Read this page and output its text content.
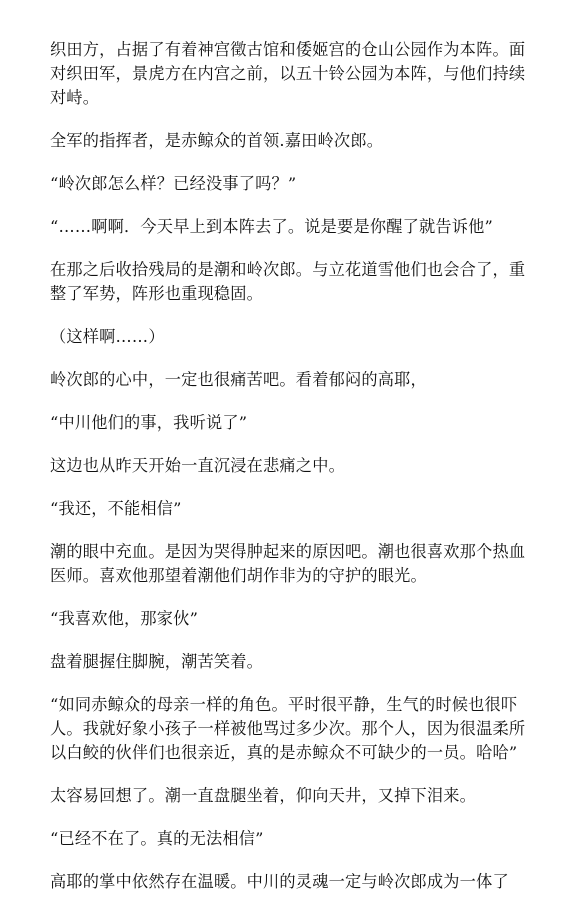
织田方，占据了有着神宫徵古馆和倭姬宫的仓山公园作为本阵。面对织田军，景虎方在内宫之前，以五十铃公园为本阵，与他们持续对峙。

全军的指挥者，是赤鲸众的首领.嘉田岭次郎。

“岭次郎怎么样？已经没事了吗？”

“……啊啊．今天早上到本阵去了。说是要是你醒了就告诉他”

在那之后收拾残局的是潮和岭次郎。与立花道雪他们也会合了，重整了军势，阵形也重现稳固。

（这样啊……）

岭次郎的心中，一定也很痛苦吧。看着郁闷的高耶，

“中川他们的事，我听说了”

这边也从昨天开始一直沉浸在悲痛之中。

“我还，不能相信”

潮的眼中充血。是因为哭得肿起来的原因吧。潮也很喜欢那个热血医师。喜欢他那望着潮他们胡作非为的守护的眼光。

“我喜欢他，那家伙”

盘着腿握住脚腕，潮苦笑着。

“如同赤鲸众的母亲一样的角色。平时很平静，生气的时候也很吓人。我就好象小孩子一样被他骂过多少次。那个人，因为很温柔所以白鲛的伙伴们也很亲近，真的是赤鲸众不可缺少的一员。哈哈”

太容易回想了。潮一直盘腿坐着，仰向天井，又掉下泪来。

“已经不在了。真的无法相信”

高耶的掌中依然存在温暖。中川的灵魂一定与岭次郎成为一体了
